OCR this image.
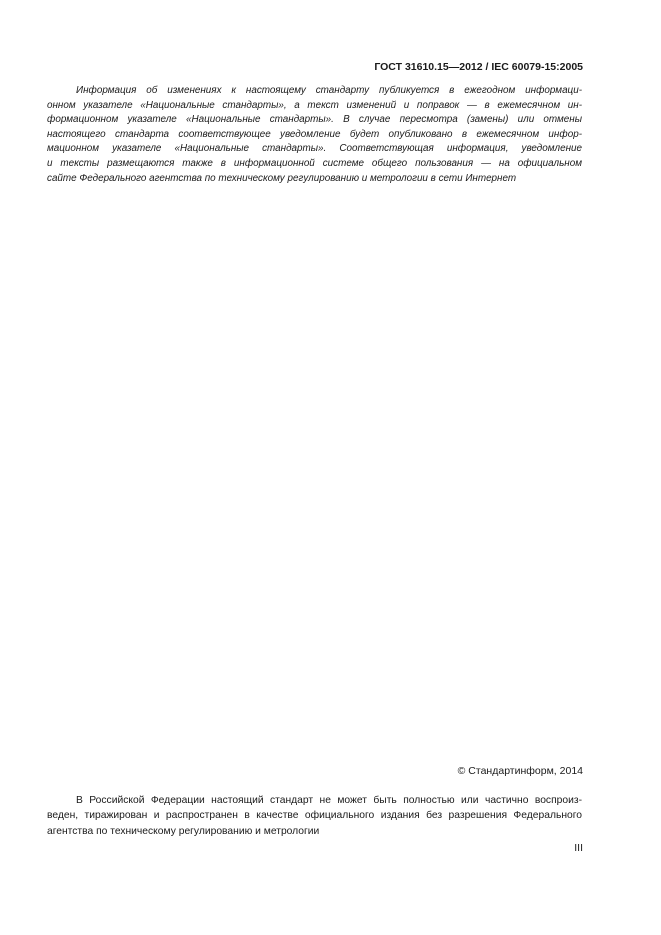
ГОСТ 31610.15—2012 / IEC 60079-15:2005
Информация об изменениях к настоящему стандарту публикуется в ежегодном информаци-
онном указателе «Национальные стандарты», а текст изменений и поправок — в ежемесячном ин-
формационном указателе «Национальные стандарты». В случае пересмотра (замены) или отмены
настоящего стандарта соответствующее уведомление будет опубликовано в ежемесячном инфор-
мационном указателе «Национальные стандарты». Соответствующая информация, уведомление
и тексты размещаются также в информационной системе общего пользования — на официальном
сайте Федерального агентства по техническому регулированию и метрологии в сети Интернет
© Стандартинформ, 2014
В Российской Федерации настоящий стандарт не может быть полностью или частично воспроиз-
веден, тиражирован и распространен в качестве официального издания без разрешения Федерального
агентства по техническому регулированию и метрологии
III
